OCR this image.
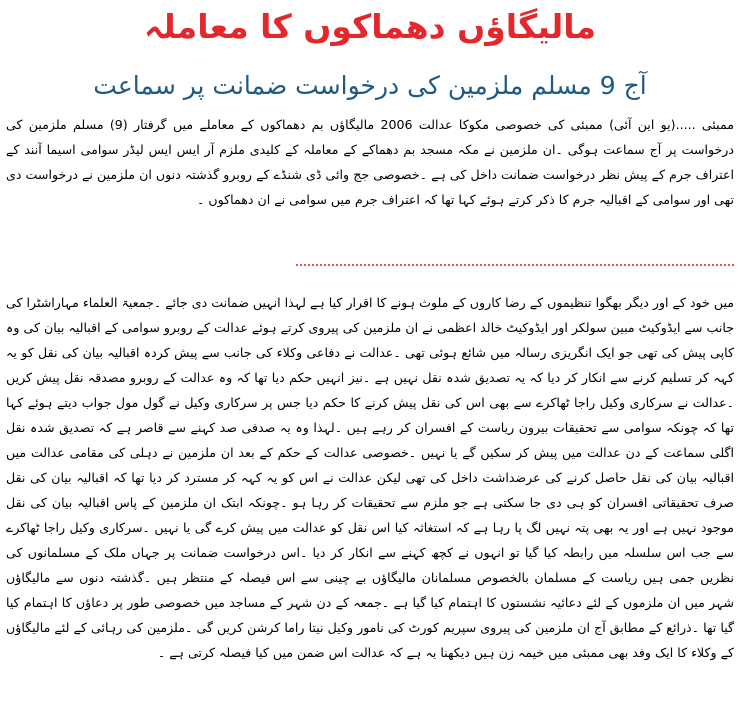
مالیگاؤں دھماکوں کا معاملہ
آج 9 مسلم ملزمین کی درخواست ضمانت پر سماعت
ممبئی .....(یو این آئی) ممبئی کی خصوصی مکوکا عدالت 2006 مالیگاؤں بم دھماکوں کے معاملے میں گرفتار (9) مسلم ملزمین کی درخواست پر آج سماعت ہوگی ۔ان ملزمین نے مکہ مسجد بم دھماکے کے معاملہ کے کلیدی ملزم آر ایس ایس لیڈر سوامی اسیما آنند کے اعتراف جرم کے پیش نظر درخواست ضمانت داخل کی ہے ۔خصوصی جج وائی ڈی شنڈے کے روبرو گذشتہ دنوں ان ملزمین نے درخواست دی تھی اور سوامی کے اقبالیہ جرم کا ذکر کرتے ہوئے کہا تھا کہ اعتراف جرم میں سوامی نے ان دھماکوں ۔
میں خود کے اور دیگر بھگوا تنظیموں کے رضا کاروں کے ملوث ہونے کا اقرار کیا ہے لہذا انہیں ضمانت دی جائے ۔جمعیۃ العلماء مہاراشٹرا کی جانب سے ایڈوکیٹ مبین سولکر اور ایڈوکیٹ خالد اعظمی نے ان ملزمین کی پیروی کرتے ہوئے عدالت کے روبرو سوامی کے اقبالیہ بیان کی وہ کاپی پیش کی تھی جو ایک انگریزی رسالہ میں شائع ہوئی تھی ۔عدالت نے دفاعی وکلاء کی جانب سے پیش کردہ اقبالیہ بیان کی نقل کو یہ کہہ کر تسلیم کرنے سے انکار کر دیا کہ یہ تصدیق شدہ نقل نہیں ہے ۔نیز انہیں حکم دیا تھا کہ وہ عدالت کے روبرو مصدقہ نقل پیش کریں ۔عدالت نے سرکاری وکیل راجا ٹھاکرے سے بھی اس کی نقل پیش کرنے کا حکم دیا جس پر سرکاری وکیل نے گول مول جواب دیتے ہوئے کہا تھا کہ چونکہ سوامی سے تحقیقات بیرون ریاست کے افسران کر رہے ہیں ۔لہذا وہ یہ صدفی صد کہنے سے قاصر ہے کہ تصدیق شدہ نقل اگلی سماعت کے دن عدالت میں پیش کر سکیں گے یا نہیں ۔خصوصی عدالت کے حکم کے بعد ان ملزمین نے دہلی کی مقامی عدالت میں اقبالیہ بیان کی نقل حاصل کرنے کی عرضداشت داخل کی تھی لیکن عدالت نے اس کو یہ کہہ کر مسترد کر دیا تھا کہ اقبالیہ بیان کی نقل صرف تحقیقاتی افسران کو ہی دی جا سکتی ہے جو ملزم سے تحقیقات کر رہا ہو ۔چونکہ ابتک ان ملزمین کے پاس اقبالیہ بیان کی نقل موجود نہیں ہے اور یہ بھی پتہ نہیں لگ پا رہا ہے کہ استغاثہ کیا اس نقل کو عدالت میں پیش کرے گی یا نہیں ۔سرکاری وکیل راجا ٹھاکرے سے جب اس سلسلہ میں رابطہ کیا گیا تو انہوں نے کچھ کہنے سے انکار کر دیا ۔اس درخواست ضمانت پر جہاں ملک کے مسلمانوں کی نظریں جمی ہیں ریاست کے مسلمان بالخصوص مسلمانان مالیگاؤں بے چینی سے اس فیصلہ کے منتظر ہیں ۔گذشتہ دنوں سے مالیگاؤں شہر میں ان ملزموں کے لئے دعائیہ نشستوں کا اہتمام کیا گیا ہے ۔جمعہ کے دن شہر کے مساجد میں خصوصی طور پر دعاؤں کا اہتمام کیا گیا تھا ۔ذرائع کے مطابق آج ان ملزمین کی پیروی سپریم کورٹ کی نامور وکیل نیتا راما کرشن کریں گی ۔ملزمین کی رہائی کے لئے مالیگاؤں کے وکلاء کا ایک وفد بھی ممبئی میں خیمہ زن ہیں دیکھنا یہ ہے کہ عدالت اس ضمن میں کیا فیصلہ کرتی ہے ۔
